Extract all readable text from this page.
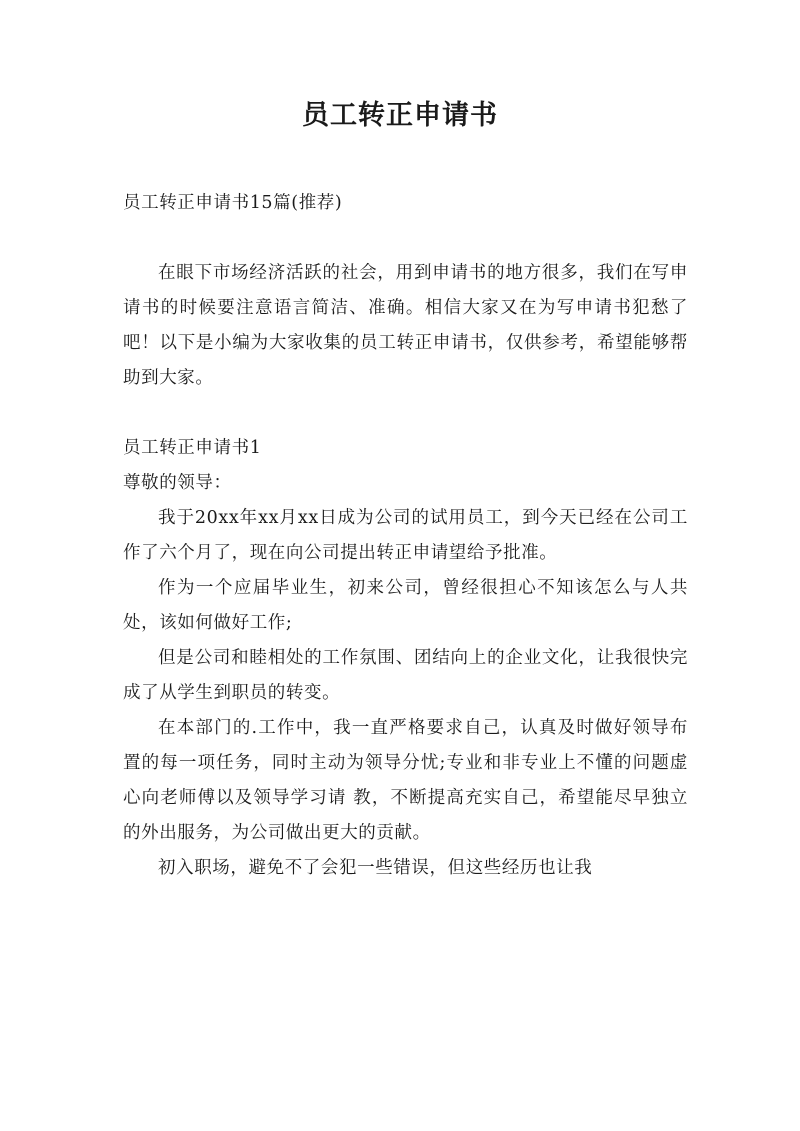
员工转正申请书

员工转正申请书15篇(推荐)

在眼下市场经济活跃的社会，用到申请书的地方很多，我们在写申请书的时候要注意语言简洁、准确。相信大家又在为写申请书犯愁了吧！以下是小编为大家收集的员工转正申请书，仅供参考，希望能够帮助到大家。

员工转正申请书1

尊敬的领导：

我于20xx年xx月xx日成为公司的试用员工，到今天已经在公司工作了六个月了，现在向公司提出转正申请望给予批准。

作为一个应届毕业生，初来公司，曾经很担心不知该怎么与人共处，该如何做好工作;

但是公司和睦相处的工作氛围、团结向上的企业文化，让我很快完成了从学生到职员的转变。

在本部门的.工作中，我一直严格要求自己，认真及时做好领导布置的每一项任务，同时主动为领导分忧;专业和非专业上不懂的问题虚心向老师傅以及领导学习请 教，不断提高充实自己，希望能尽早独立的外出服务，为公司做出更大的贡献。

初入职场，避免不了会犯一些错误，但这些经历也让我
